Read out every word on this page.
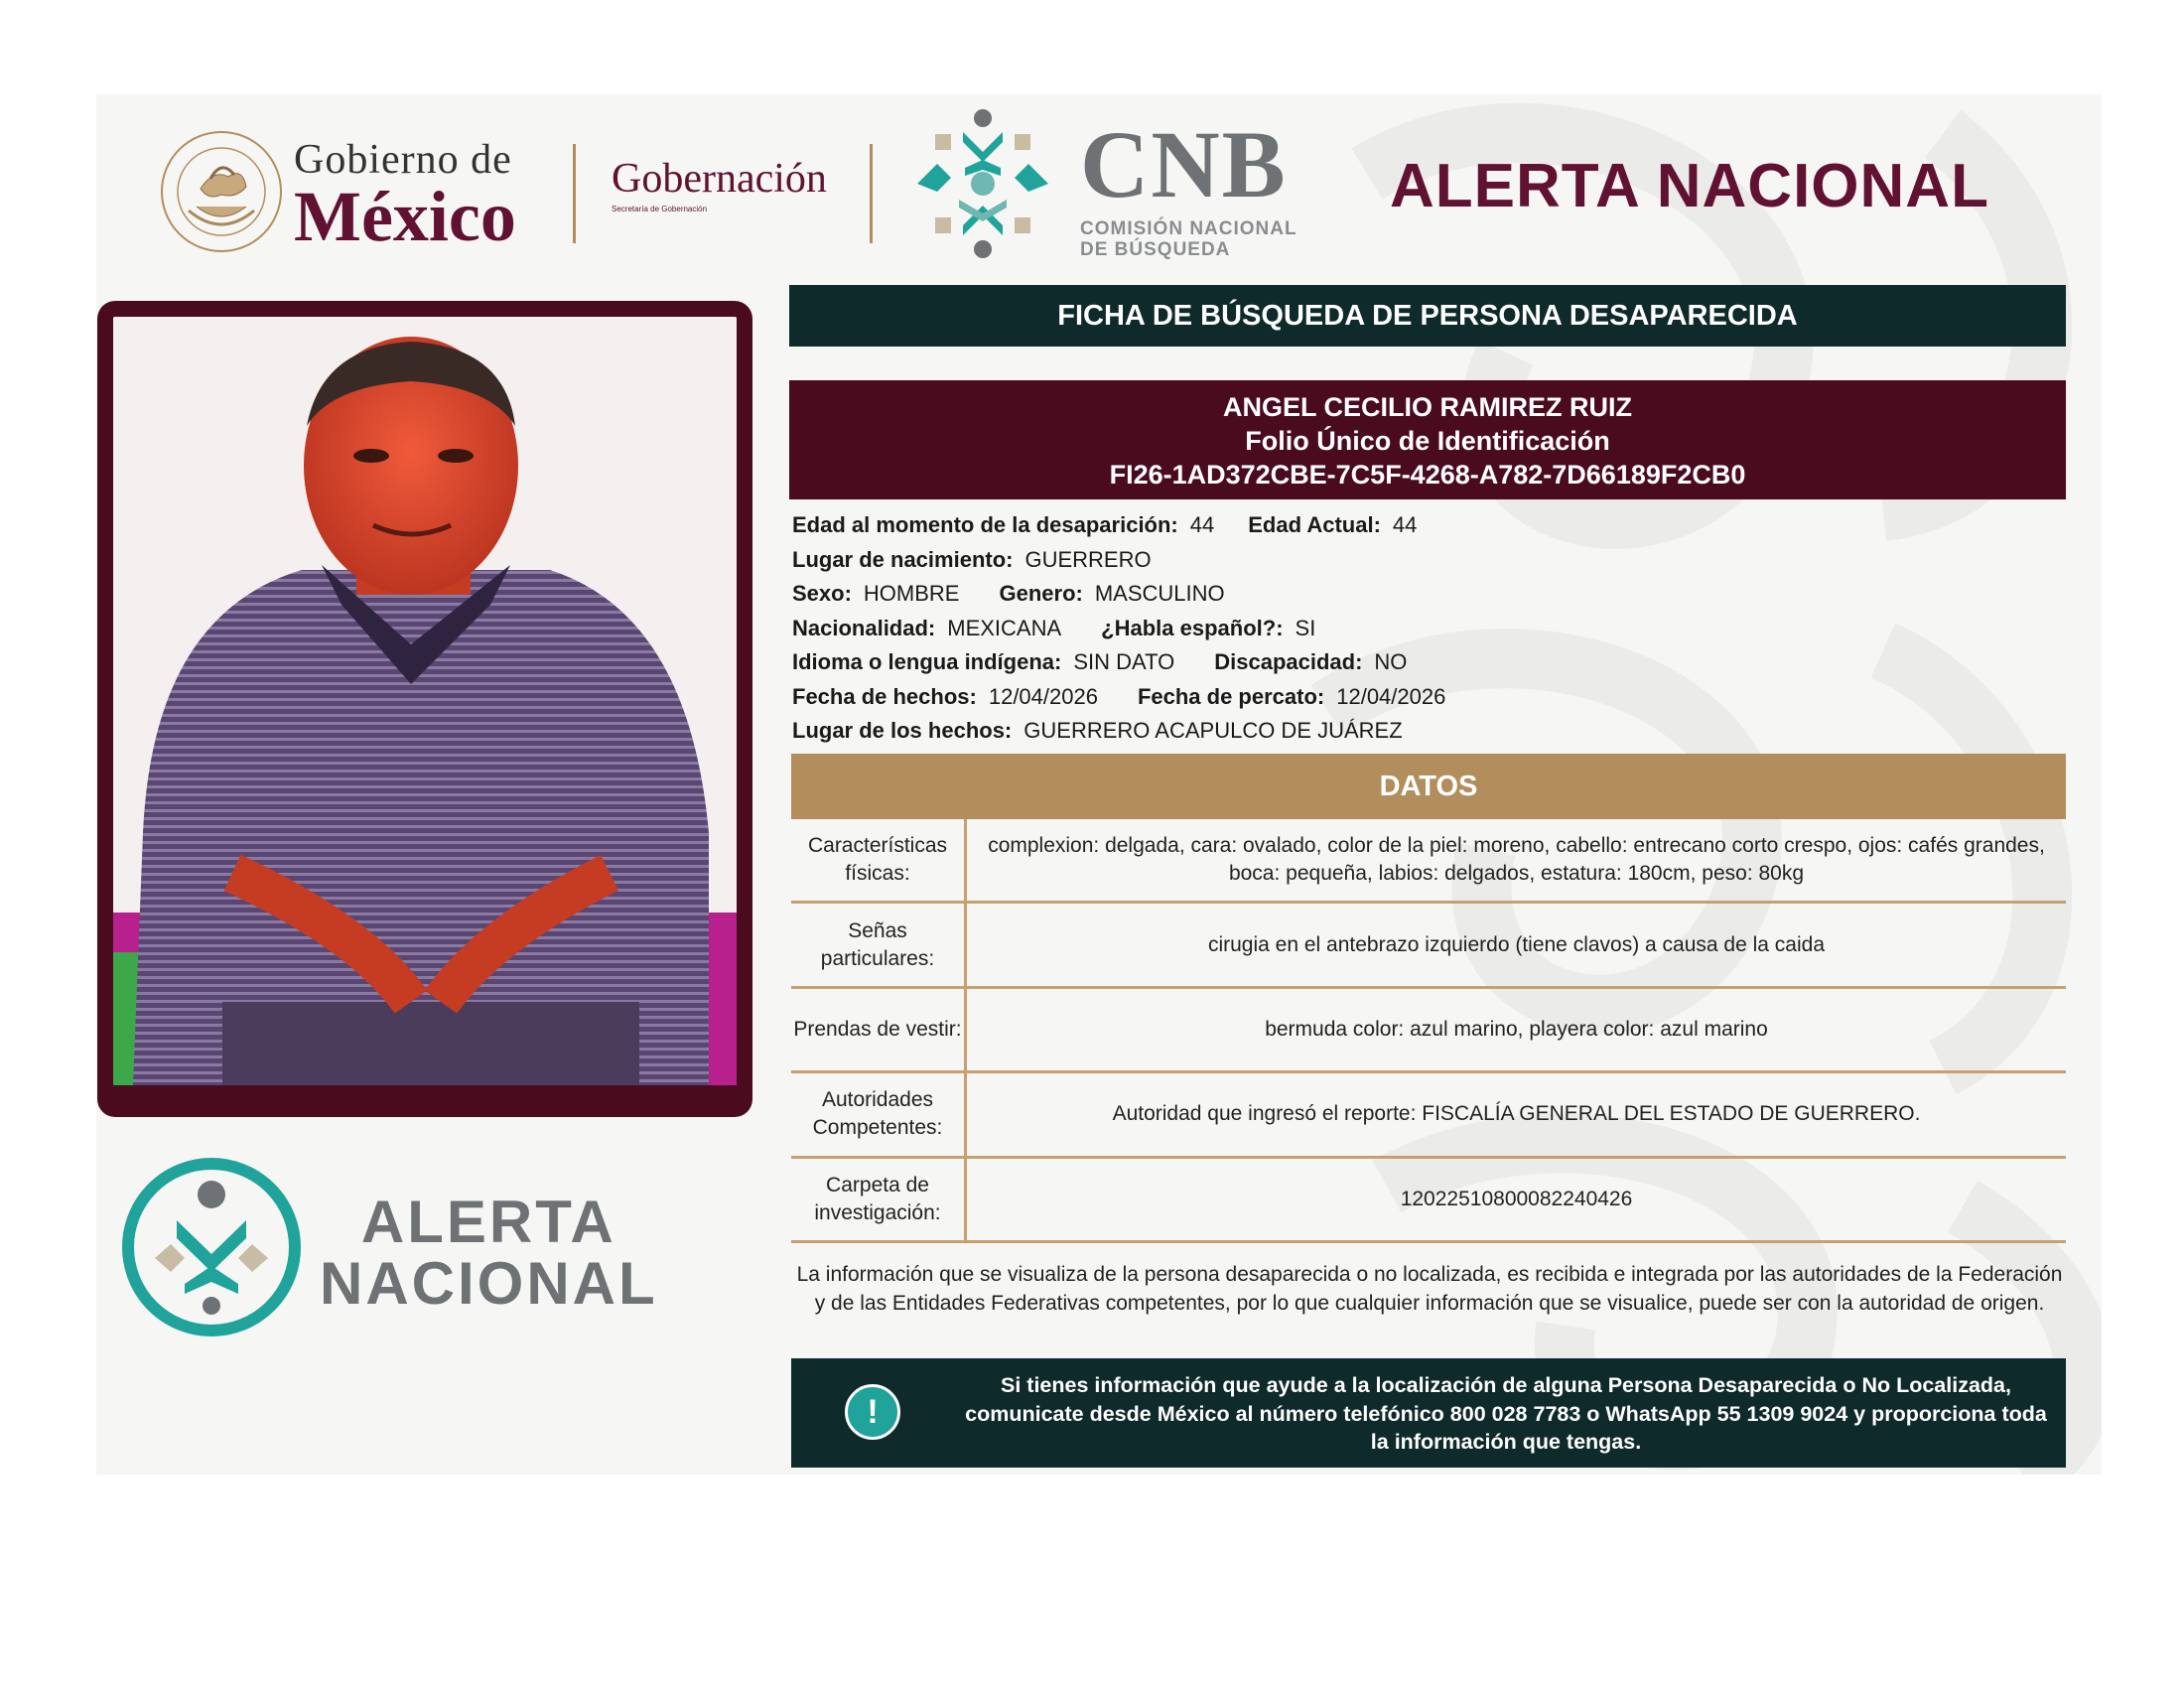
Gobierno de
México Gobernación
Secretaría de Gobernación	CNB
COMISIÓN NACIONAL
DE BÚSQUEDA
ALERTA NACIONAL
ALERTA
NACIONAL
FICHA DE BÚSQUEDA DE PERSONA DESAPARECIDA
ANGEL CECILIO RAMIREZ RUIZ
Folio Único de Identificación
FI26-1AD372CBE-7C5F-4268-A782-7D66189F2CB0
Edad al momento de la desaparición: 44 Edad Actual: 44
Lugar de nacimiento: GUERRERO
Sexo: HOMBRE Genero: MASCULINO
Nacionalidad: MEXICANA ¿Habla español?: SI
Idioma o lengua indígena: SIN DATO Discapacidad: NO
Fecha de hechos: 12/04/2026 Fecha de percato: 12/04/2026
Lugar de los hechos: GUERRERO ACAPULCO DE JUÁREZ
DATOS
Características físicas:
complexion: delgada, cara: ovalado, color de la piel: moreno, cabello: entrecano corto crespo, ojos: cafés grandes, boca: pequeña, labios: delgados, estatura: 180cm, peso: 80kg
Señas particulares:
cirugia en el antebrazo izquierdo (tiene clavos) a causa de la caida
Prendas de vestir:	bermuda color: azul marino, playera color: azul marino
Autoridades Competentes:
Autoridad que ingresó el reporte: FISCALÍA GENERAL DEL ESTADO DE GUERRERO.
Carpeta de investigación:
12022510800082240426
La información que se visualiza de la persona desaparecida o no localizada, es recibida e integrada por las autoridades de la Federación y de las Entidades Federativas competentes, por lo que cualquier información que se visualice, puede ser con la autoridad de origen.
!
Si tienes información que ayude a la localización de alguna Persona Desaparecida o No Localizada, comunicate desde México al número telefónico 800 028 7783 o WhatsApp 55 1309 9024 y proporciona toda la información que tengas.
